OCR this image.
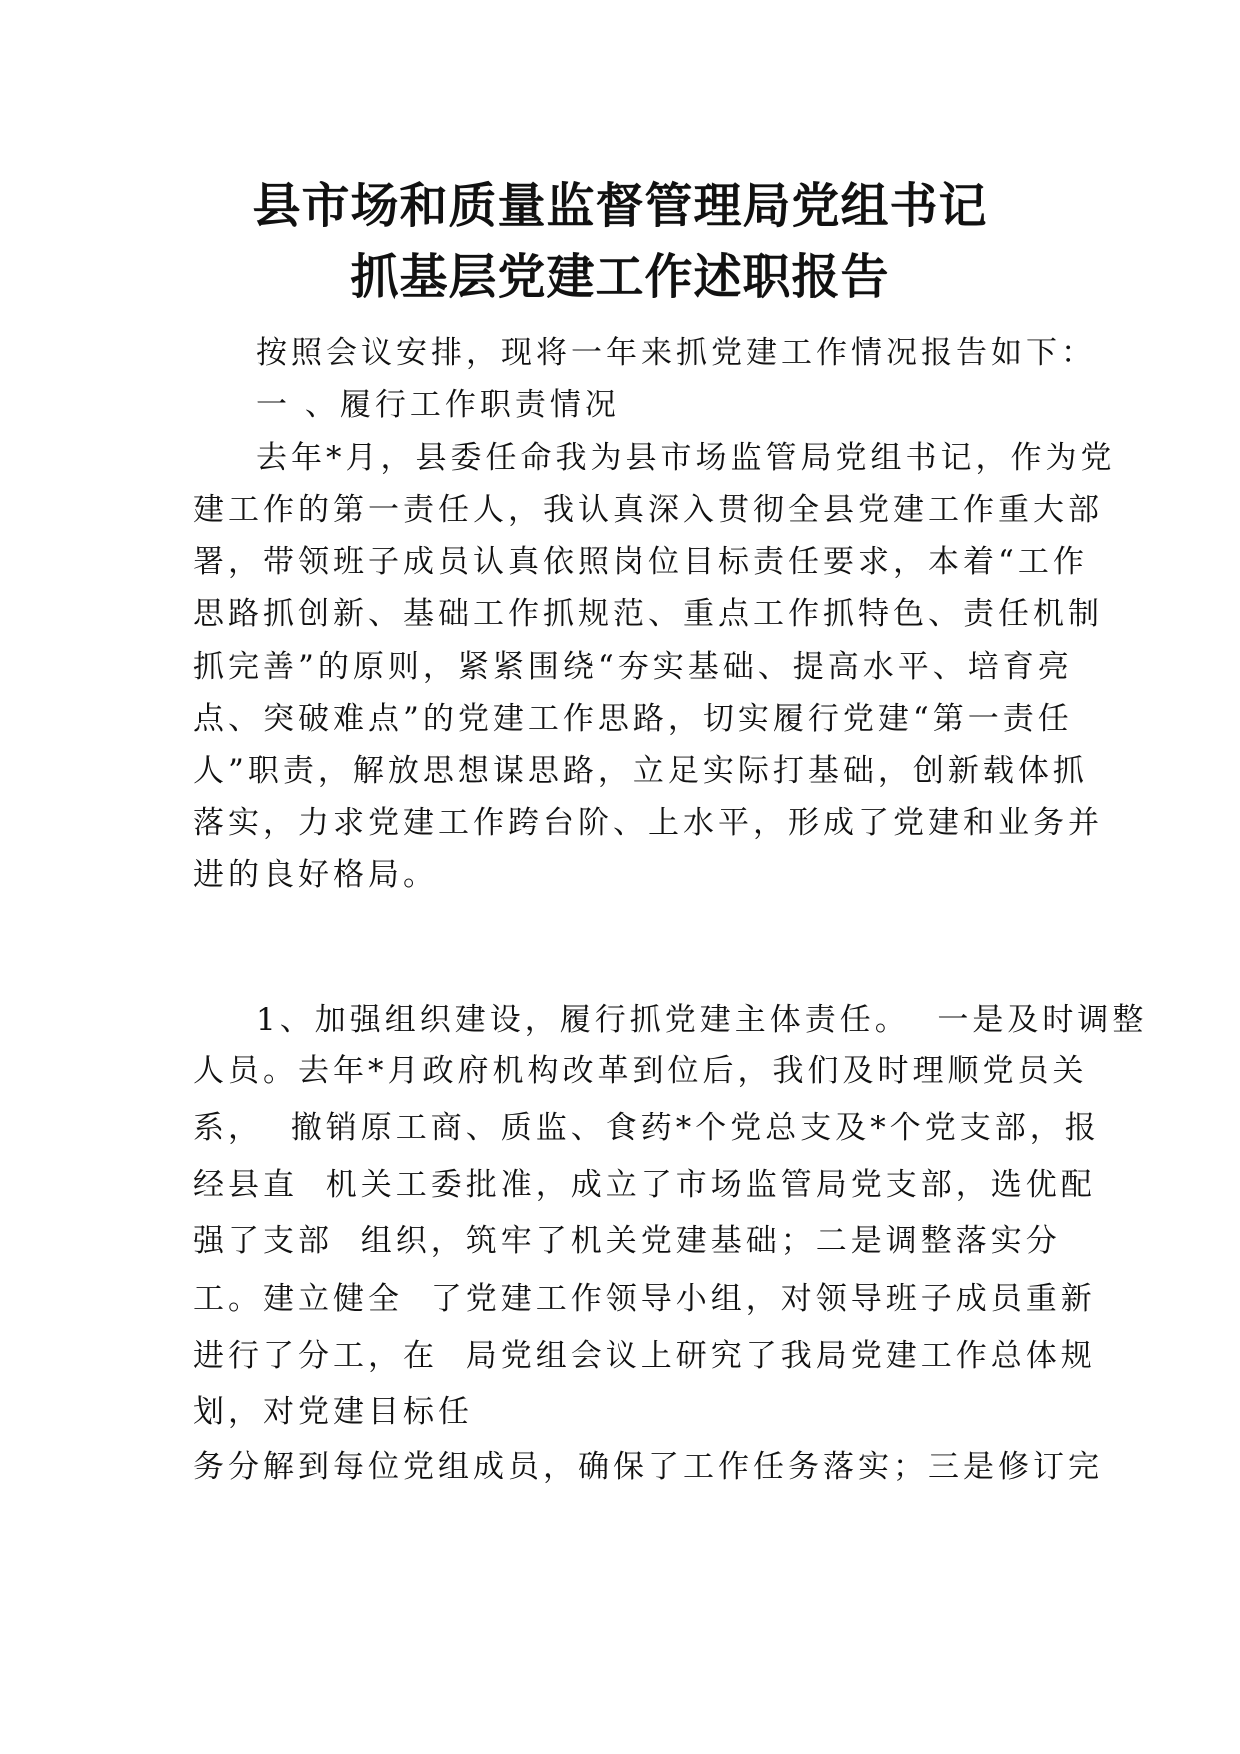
县市场和质量监督管理局党组书记
抓基层党建工作述职报告
按照会议安排，现将一年来抓党建工作情况报告如下：
一 、履行工作职责情况
去年*月，县委任命我为县市场监管局党组书记，作为党
建工作的第一责任人，我认真深入贯彻全县党建工作重大部
署，带领班子成员认真依照岗位目标责任要求，本着“工作
思路抓创新、基础工作抓规范、重点工作抓特色、责任机制
抓完善”的原则，紧紧围绕“夯实基础、提高水平、培育亮
点、突破难点”的党建工作思路，切实履行党建“第一责任
人”职责，解放思想谋思路，立足实际打基础，创新载体抓
落实，力求党建工作跨台阶、上水平，形成了党建和业务并
进的良好格局。
1、加强组织建设，履行抓党建主体责任。  一是及时调整
人员。去年*月政府机构改革到位后，我们及时理顺党员关
系，  撤销原工商、质监、食药*个党总支及*个党支部，报
经县直  机关工委批准，成立了市场监管局党支部，选优配
强了支部  组织，筑牢了机关党建基础；二是调整落实分
工。建立健全  了党建工作领导小组，对领导班子成员重新
进行了分工，在  局党组会议上研究了我局党建工作总体规
划，对党建目标任
务分解到每位党组成员，确保了工作任务落实；三是修订完
